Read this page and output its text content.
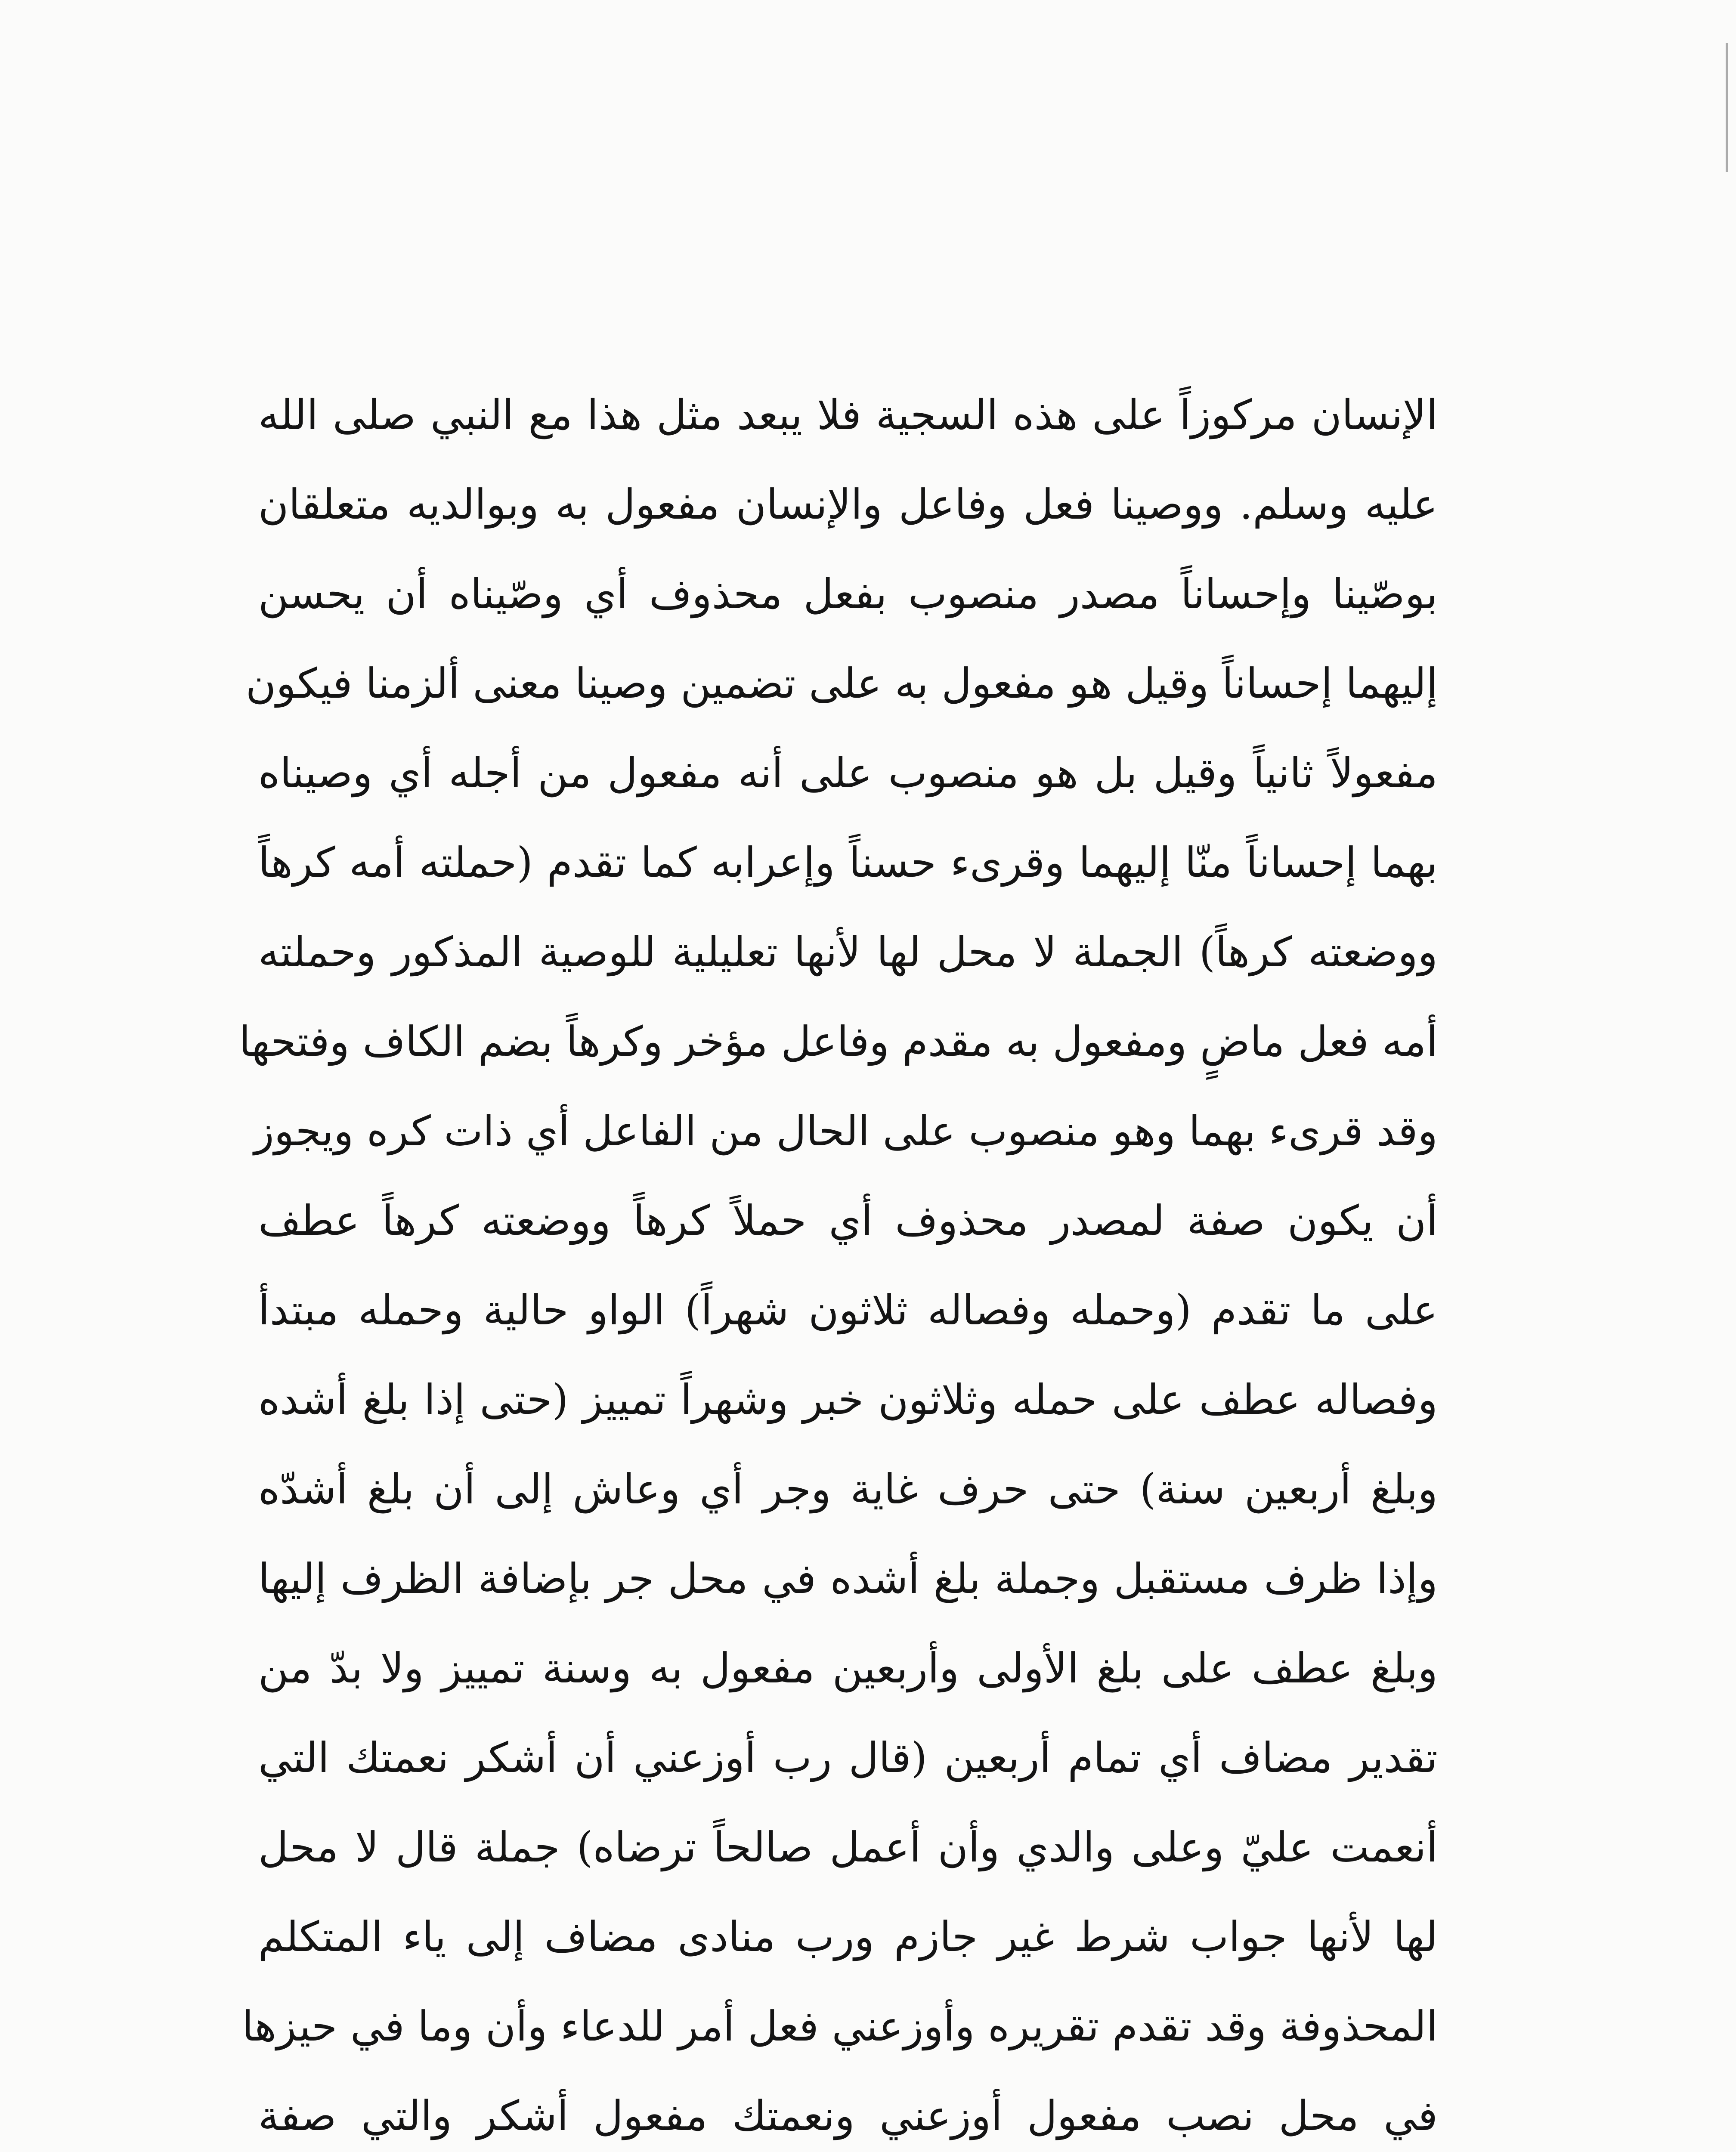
الإنسان مركوزاً على هذه السجية فلا يبعد مثل هذا مع النبي صلى الله
عليه وسلم. ووصينا فعل وفاعل والإنسان مفعول به وبوالديه متعلقان
بوصّينا وإحساناً مصدر منصوب بفعل محذوف أي وصّيناه أن يحسن
إليهما إحساناً وقيل هو مفعول به على تضمين وصينا معنى ألزمنا فيكون
مفعولاً ثانياً وقيل بل هو منصوب على أنه مفعول من أجله أي وصيناه
بهما إحساناً منّا إليهما وقرىء حسناً وإعرابه كما تقدم (حملته أمه كرهاً
ووضعته كرهاً) الجملة لا محل لها لأنها تعليلية للوصية المذكور وحملته
أمه فعل ماضٍ ومفعول به مقدم وفاعل مؤخر وكرهاً بضم الكاف وفتحها
وقد قرىء بهما وهو منصوب على الحال من الفاعل أي ذات كره ويجوز
أن يكون صفة لمصدر محذوف أي حملاً كرهاً ووضعته كرهاً عطف
على ما تقدم (وحمله وفصاله ثلاثون شهراً) الواو حالية وحمله مبتدأ
وفصاله عطف على حمله وثلاثون خبر وشهراً تمييز (حتى إذا بلغ أشده
وبلغ أربعين سنة) حتى حرف غاية وجر أي وعاش إلى أن بلغ أشدّه
وإذا ظرف مستقبل وجملة بلغ أشده في محل جر بإضافة الظرف إليها
وبلغ عطف على بلغ الأولى وأربعين مفعول به وسنة تمييز ولا بدّ من
تقدير مضاف أي تمام أربعين (قال رب أوزعني أن أشكر نعمتك التي
أنعمت عليّ وعلى والدي وأن أعمل صالحاً ترضاه) جملة قال لا محل
لها لأنها جواب شرط غير جازم ورب منادى مضاف إلى ياء المتكلم
المحذوفة وقد تقدم تقريره وأوزعني فعل أمر للدعاء وأن وما في حيزها
في محل نصب مفعول أوزعني ونعمتك مفعول أشكر والتي صفة
